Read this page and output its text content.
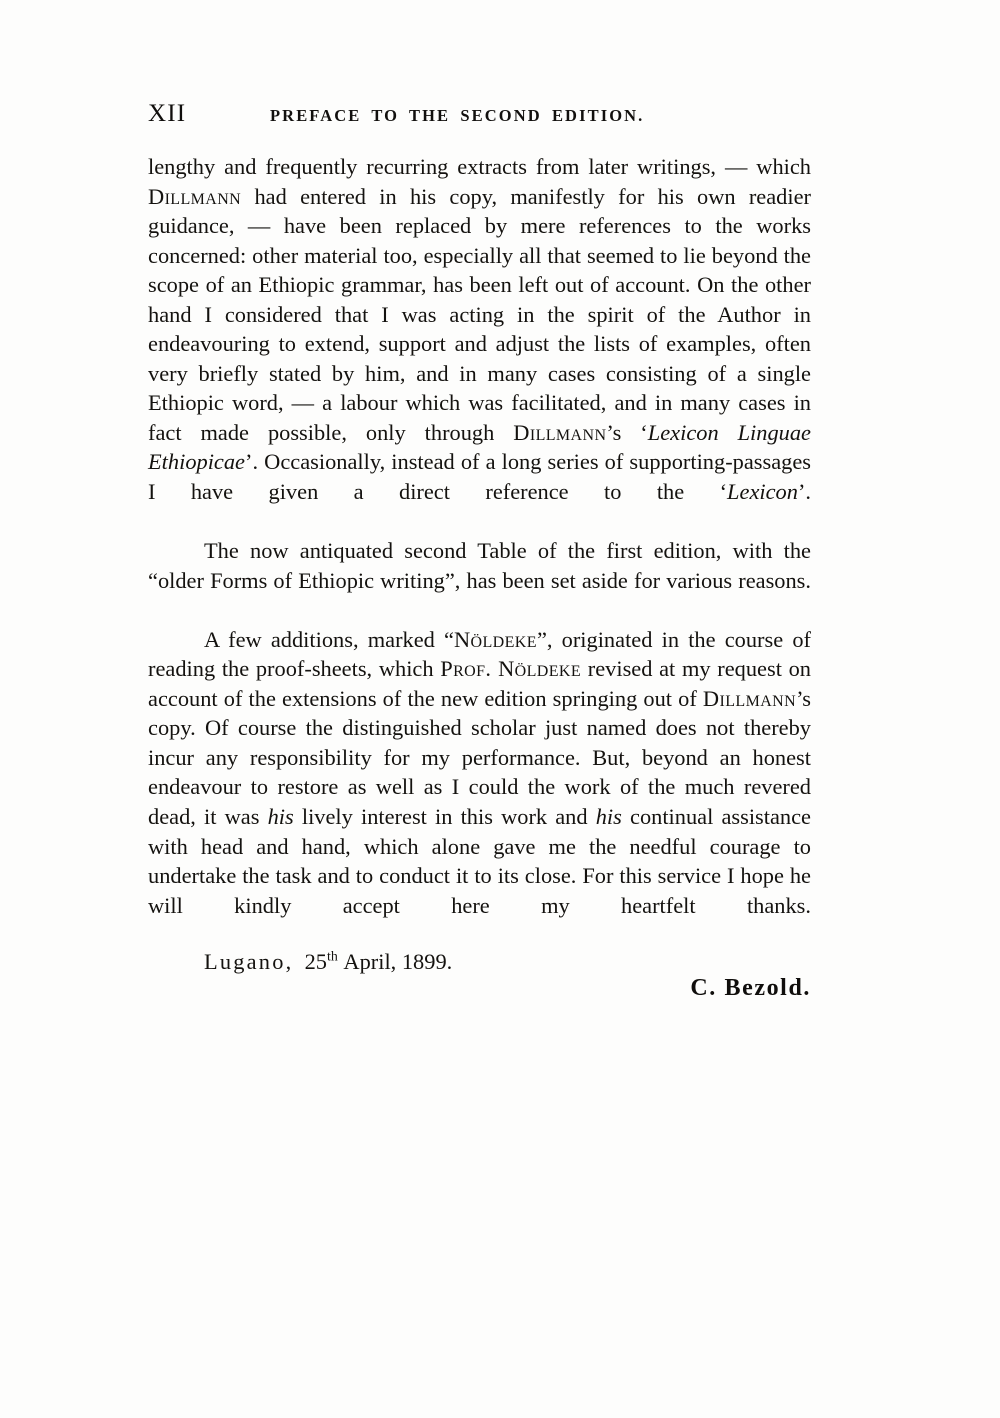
XII	PREFACE TO THE SECOND EDITION.

lengthy and frequently recurring extracts from later writings, — which Dillmann had entered in his copy, manifestly for his own readier guidance, — have been replaced by mere references to the works concerned: other material too, especially all that seemed to lie beyond the scope of an Ethiopic grammar, has been left out of account. On the other hand I considered that I was acting in the spirit of the Author in endeavouring to extend, support and adjust the lists of examples, often very briefly stated by him, and in many cases consisting of a single Ethiopic word, — a labour which was facilitated, and in many cases in fact made possible, only through Dillmann’s ‘Lexicon Linguae Ethiopicae’. Occasionally, instead of a long series of supporting-passages I have given a direct reference to the ‘Lexicon’.

The now antiquated second Table of the first edition, with the “older Forms of Ethiopic writing”, has been set aside for various reasons.

A few additions, marked “Nöldeke”, originated in the course of reading the proof-sheets, which Prof. Nöldeke revised at my request on account of the extensions of the new edition springing out of Dillmann’s copy. Of course the distinguished scholar just named does not thereby incur any responsibility for my performance. But, beyond an honest endeavour to restore as well as I could the work of the much revered dead, it was his lively interest in this work and his continual assistance with head and hand, which alone gave me the needful courage to undertake the task and to conduct it to its close. For this service I hope he will kindly accept here my heartfelt thanks.

Lugano, 25th April, 1899.
C. Bezold.
